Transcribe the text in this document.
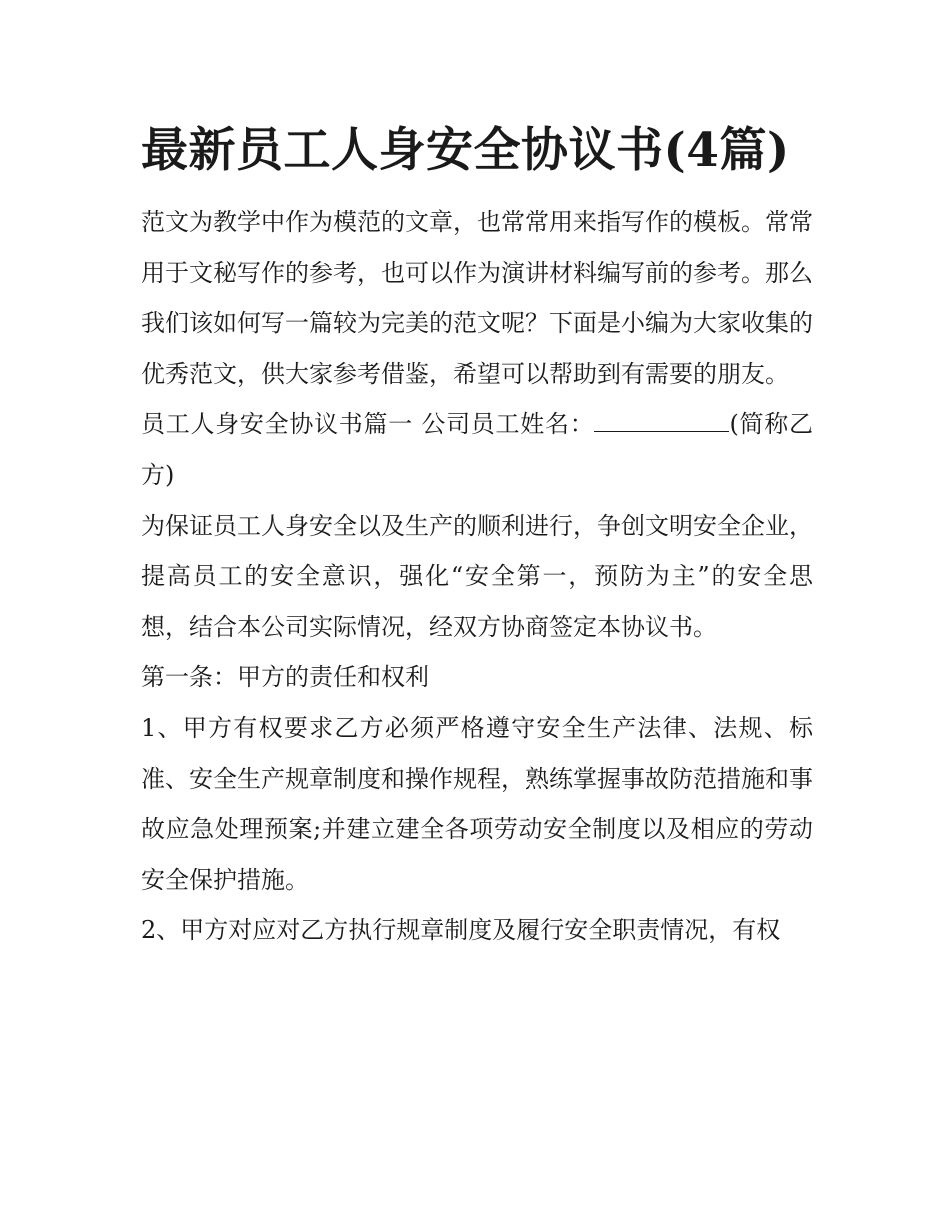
最新员工人身安全协议书(4篇)

范文为教学中作为模范的文章，也常常用来指写作的模板。常常用于文秘写作的参考，也可以作为演讲材料编写前的参考。那么我们该如何写一篇较为完美的范文呢？下面是小编为大家收集的优秀范文，供大家参考借鉴，希望可以帮助到有需要的朋友。

员工人身安全协议书篇一 公司员工姓名：	(简称乙方)

为保证员工人身安全以及生产的顺利进行，争创文明安全企业，提高员工的安全意识，强化“安全第一，预防为主”的安全思想，结合本公司实际情况，经双方协商签定本协议书。

第一条：甲方的责任和权利

1、甲方有权要求乙方必须严格遵守安全生产法律、法规、标准、安全生产规章制度和操作规程，熟练掌握事故防范措施和事故应急处理预案;并建立建全各项劳动安全制度以及相应的劳动安全保护措施。

2、甲方对应对乙方执行规章制度及履行安全职责情况，有权
